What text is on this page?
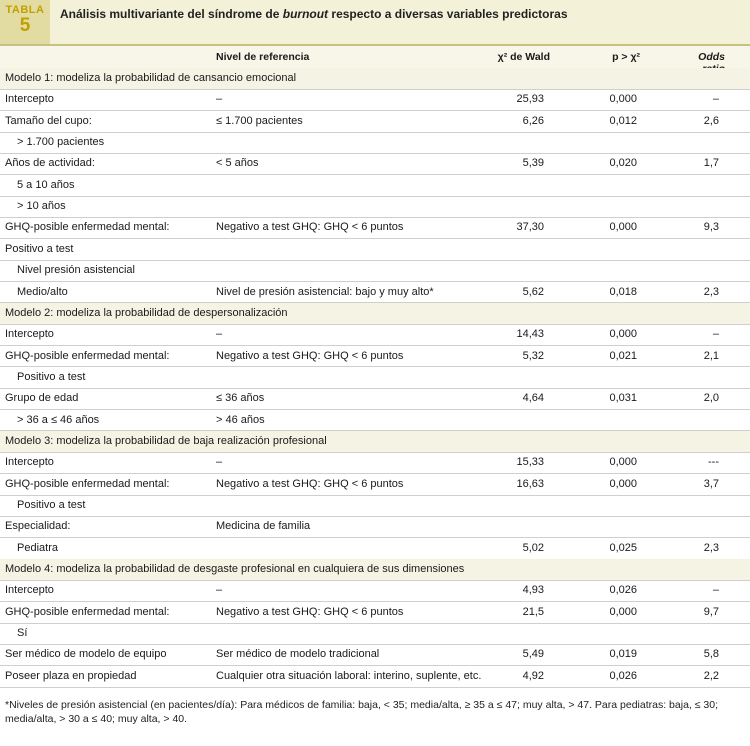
TABLA
5
Análisis multivariante del síndrome de burnout respecto a diversas variables predictoras
Nivel de referencia	χ² de Wald	p > χ²	Odds
Modelo 1: modeliza la probabilidad de cansancio emocional
Intercepto	–	25,93	0,000	–
Tamaño del cupo:	≤ 1.700 pacientes	6,26	0,012	2,6
> 1.700 pacientes
Años de actividad:	< 5 años	5,39	0,020	1,7
5 a 10 años
> 10 años
GHQ-posible enfermedad mental:	Negativo a test GHQ: GHQ < 6 puntos	37,30	0,000	9,3
Positivo a test
Nivel presión asistencial
Medio/alto	Nivel de presión asistencial: bajo y muy alto*	5,62	0,018	2,3
Modelo 2: modeliza la probabilidad de despersonalización
Intercepto	–	14,43	0,000	–
GHQ-posible enfermedad mental:	Negativo a test GHQ: GHQ < 6 puntos	5,32	0,021	2,1
Positivo a test
Grupo de edad	≤ 36 años	4,64	0,031	2,0
> 36 a ≤ 46 años	> 46 años
Modelo 3: modeliza la probabilidad de baja realización profesional
Intercepto	–	15,33	0,000	---
GHQ-posible enfermedad mental:	Negativo a test GHQ: GHQ < 6 puntos	16,63	0,000	3,7
Positivo a test
Especialidad:	Medicina de familia
Pediatra	5,02	0,025	2,3
Modelo 4: modeliza la probabilidad de desgaste profesional en cualquiera de sus dimensiones
Intercepto	–	4,93	0,026	–
GHQ-posible enfermedad mental:	Negativo a test GHQ: GHQ < 6 puntos	21,5	0,000	9,7
Sí
Ser médico de modelo de equipo	Ser médico de modelo tradicional	5,49	0,019	5,8
Poseer plaza en propiedad	Cualquier otra situación laboral: interino, suplente, etc.	4,92	0,026	2,2
*Niveles de presión asistencial (en pacientes/día): Para médicos de familia: baja, < 35; media/alta, ≥ 35 a ≤ 47; muy alta, > 47. Para pediatras: baja, ≤ 30; media/alta, > 30 a ≤ 40; muy alta, > 40.
